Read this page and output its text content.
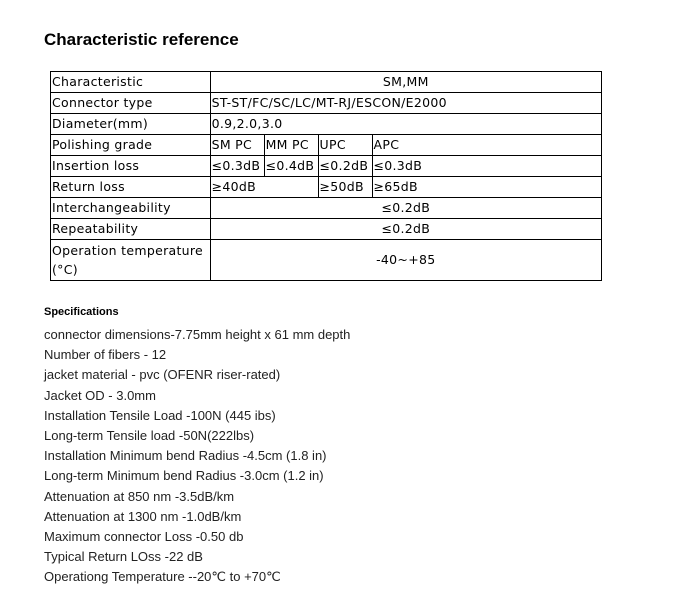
Characteristic reference
Characteristic	SM,MM			
Connector type	ST-ST/FC/SC/LC/MT-RJ/ESCON/E2000			
Diameter(mm)	0.9,2.0,3.0			
Polishing grade	SM PC	MM PC	UPC	APC
Insertion loss	≤0.3dB	≤0.4dB	≤0.2dB	≤0.3dB
Return loss	≥40dB		≥50dB	≥65dB
Interchangeability	≤0.2dB			
Repeatability	≤0.2dB			
Operation temperature (°C)	-40~+85			
Specifications
connector dimensions-7.75mm height x 61 mm depth
Number of fibers - 12
jacket material - pvc (OFENR riser-rated)
Jacket OD - 3.0mm
Installation Tensile Load -100N (445 ibs)
Long-term Tensile load -50N(222lbs)
Installation Minimum bend Radius -4.5cm (1.8 in)
Long-term Minimum bend Radius -3.0cm (1.2 in)
Attenuation at 850 nm -3.5dB/km
Attenuation at 1300 nm -1.0dB/km
Maximum connector Loss -0.50 db
Typical Return LOss -22 dB
Operationg Temperature --20℃ to +70℃
